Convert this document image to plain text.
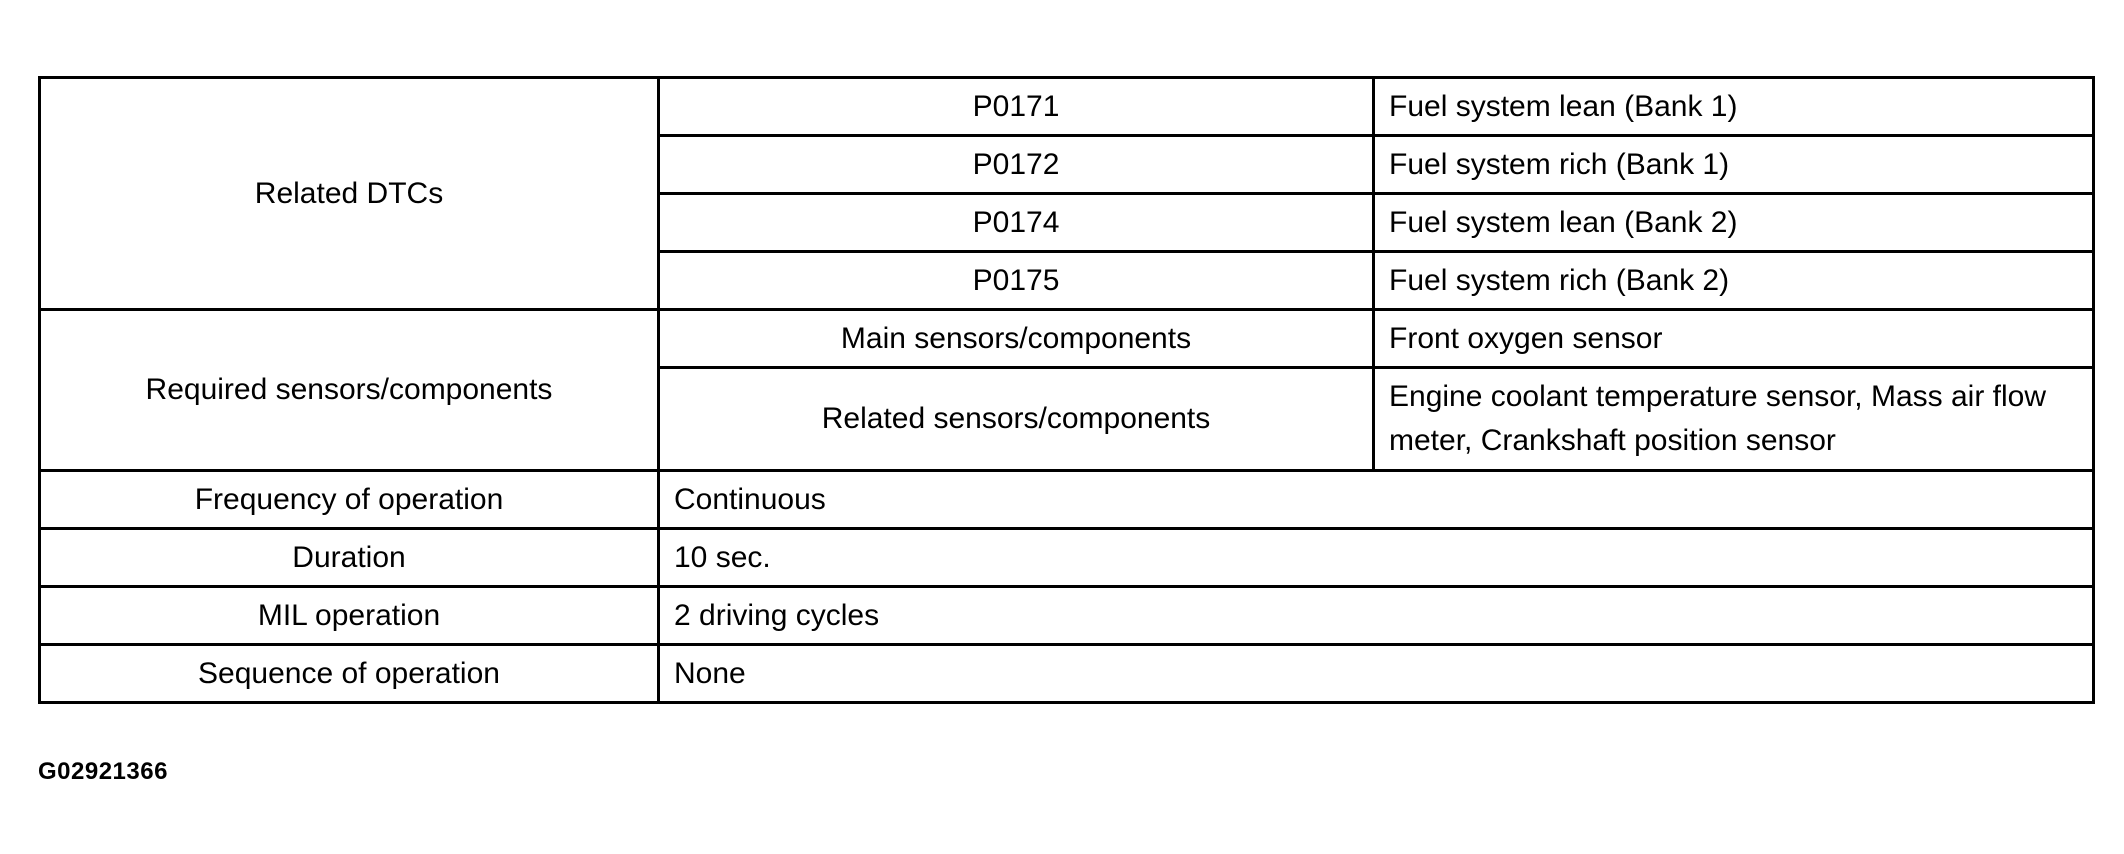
Related DTCs	P0171	Fuel system lean (Bank 1)
	P0172	Fuel system rich (Bank 1)
	P0174	Fuel system lean (Bank 2)
	P0175	Fuel system rich (Bank 2)
Required sensors/components	Main sensors/components	Front oxygen sensor
	Related sensors/components	Engine coolant temperature sensor, Mass air flow meter, Crankshaft position sensor
Frequency of operation	Continuous	
Duration	10 sec.	
MIL operation	2 driving cycles	
Sequence of operation	None	
G02921366
